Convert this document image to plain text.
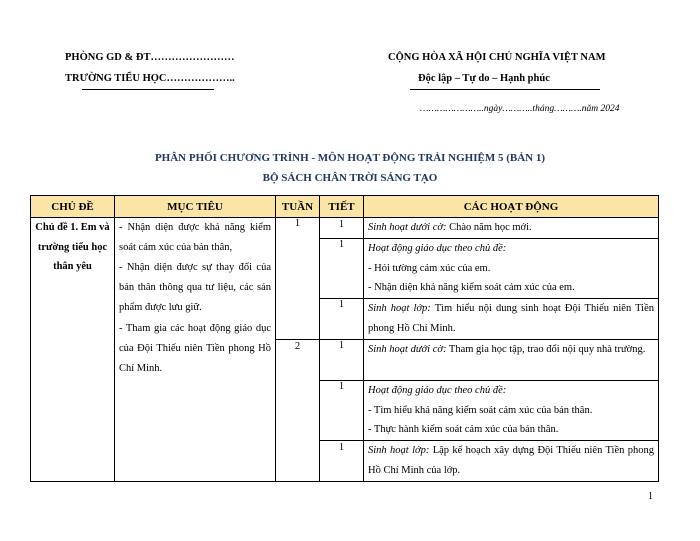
PHÒNG GD & ĐT……………………
TRƯỜNG TIỂU HỌC………………..
CỘNG HÒA XÃ HỘI CHỦ NGHĨA VIỆT NAM
Độc lập – Tự do – Hạnh phúc
…………………..ngày………..tháng……….năm 2024
PHÂN PHỐI CHƯƠNG TRÌNH - MÔN HOẠT ĐỘNG TRẢI NGHIỆM 5 (BẢN 1)
BỘ SÁCH CHÂN TRỜI SÁNG TẠO
CHỦ ĐỀ	MỤC TIÊU	TUẦN	TIẾT	CÁC HOẠT ĐỘNG
Chủ đề 1. Em và trường tiểu học thân yêu	- Nhận diện được khả năng kiểm soát cảm xúc của bản thân,
- Nhận diện được sự thay đổi của bản thân thông qua tư liệu, các sản phẩm được lưu giữ.
- Tham gia các hoạt động giáo dục của Đội Thiếu niên Tiền phong Hồ Chí Minh.	1	1	Sinh hoạt dưới cờ: Chào năm học mới.
			1	Hoạt động giáo dục theo chủ đề:
- Hỏi tường cảm xúc của em.
- Nhận diện khả năng kiểm soát cảm xúc của em.

			1	Sinh hoạt lớp: Tìm hiểu nội dung sinh hoạt Đội Thiếu niên Tiền phong Hồ Chí Minh.
		2	1	Sinh hoạt dưới cờ: Tham gia học tập, trao đổi nội quy nhà trường.
			1	Hoạt động giáo dục theo chủ đề:
- Tìm hiểu khả năng kiểm soát cảm xúc của bản thân.
- Thực hành kiểm soát cảm xúc của bản thân.

			1	Sinh hoạt lớp: Lập kế hoạch xây dựng Đội Thiếu niên Tiền phong Hồ Chí Minh của lớp.
1
